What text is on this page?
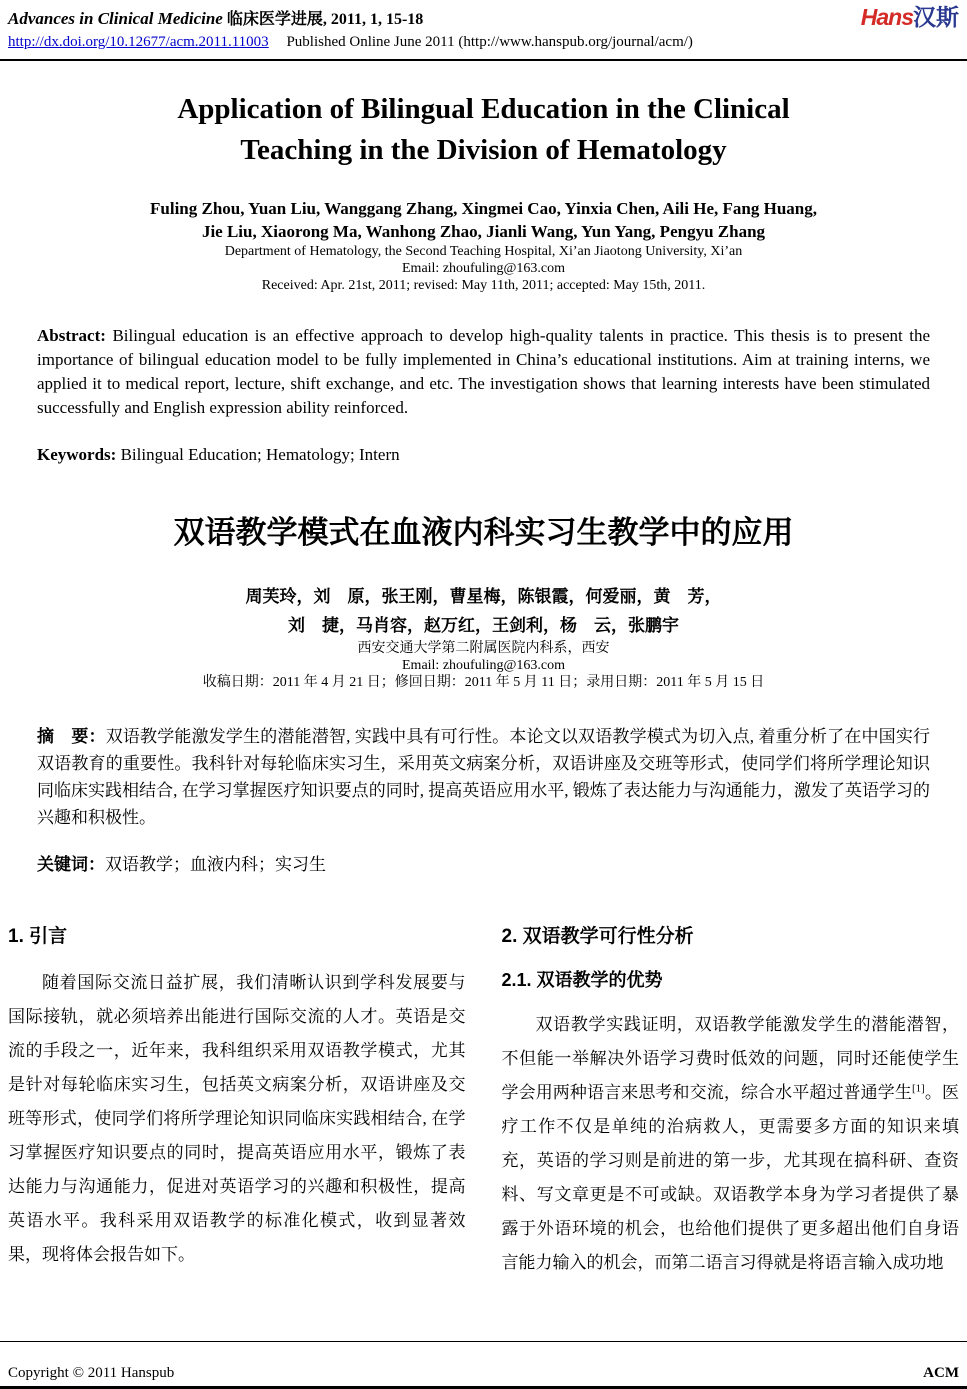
Advances in Clinical Medicine 临床医学进展, 2011, 1, 15-18	Hans汉斯
http://dx.doi.org/10.12677/acm.2011.11003 Published Online June 2011 (http://www.hanspub.org/journal/acm/)
Application of Bilingual Education in the Clinical
Teaching in the Division of Hematology
Fuling Zhou, Yuan Liu, Wanggang Zhang, Xingmei Cao, Yinxia Chen, Aili He, Fang Huang,
Jie Liu, Xiaorong Ma, Wanhong Zhao, Jianli Wang, Yun Yang, Pengyu Zhang
Department of Hematology, the Second Teaching Hospital, Xi’an Jiaotong University, Xi’an
Email: zhoufuling@163.com
Received: Apr. 21st, 2011; revised: May 11th, 2011; accepted: May 15th, 2011.

Abstract: Bilingual education is an effective approach to develop high-quality talents in practice. This thesis is to present the importance of bilingual education model to be fully implemented in China’s educational institutions. Aim at training interns, we applied it to medical report, lecture, shift exchange, and etc. The investigation shows that learning interests have been stimulated successfully and English expression ability reinforced.

Keywords: Bilingual Education; Hematology; Intern

双语教学模式在血液内科实习生教学中的应用
周芙玲，刘　原，张王刚，曹星梅，陈银霞，何爱丽，黄　芳，
刘　捷，马肖容，赵万红，王剑利，杨　云，张鹏宇
西安交通大学第二附属医院内科系，西安
Email: zhoufuling@163.com
收稿日期：2011 年 4 月 21 日；修回日期：2011 年 5 月 11 日；录用日期：2011 年 5 月 15 日

摘　要：双语教学能激发学生的潜能潜智, 实践中具有可行性。本论文以双语教学模式为切入点, 着重分析了在中国实行双语教育的重要性。我科针对每轮临床实习生，采用英文病案分析，双语讲座及交班等形式，使同学们将所学理论知识同临床实践相结合, 在学习掌握医疗知识要点的同时, 提高英语应用水平, 锻炼了表达能力与沟通能力，激发了英语学习的兴趣和积极性。

关键词：双语教学；血液内科；实习生

1. 引言

随着国际交流日益扩展，我们清晰认识到学科发展要与国际接轨，就必须培养出能进行国际交流的人才。英语是交流的手段之一，近年来，我科组织采用双语教学模式，尤其是针对每轮临床实习生，包括英文病案分析，双语讲座及交班等形式，使同学们将所学理论知识同临床实践相结合, 在学习掌握医疗知识要点的同时，提高英语应用水平，锻炼了表达能力与沟通能力，促进对英语学习的兴趣和积极性，提高英语水平。我科采用双语教学的标准化模式，收到显著效果，现将体会报告如下。

2. 双语教学可行性分析
2.1. 双语教学的优势

双语教学实践证明，双语教学能激发学生的潜能潜智，不但能一举解决外语学习费时低效的问题，同时还能使学生学会用两种语言来思考和交流，综合水平超过普通学生[1]。医疗工作不仅是单纯的治病救人，更需要多方面的知识来填充，英语的学习则是前进的第一步，尤其现在搞科研、查资料、写文章更是不可或缺。双语教学本身为学习者提供了暴露于外语环境的机会，也给他们提供了更多超出他们自身语言能力输入的机会，而第二语言习得就是将语言输入成功地

Copyright © 2011 Hanspub	ACM
